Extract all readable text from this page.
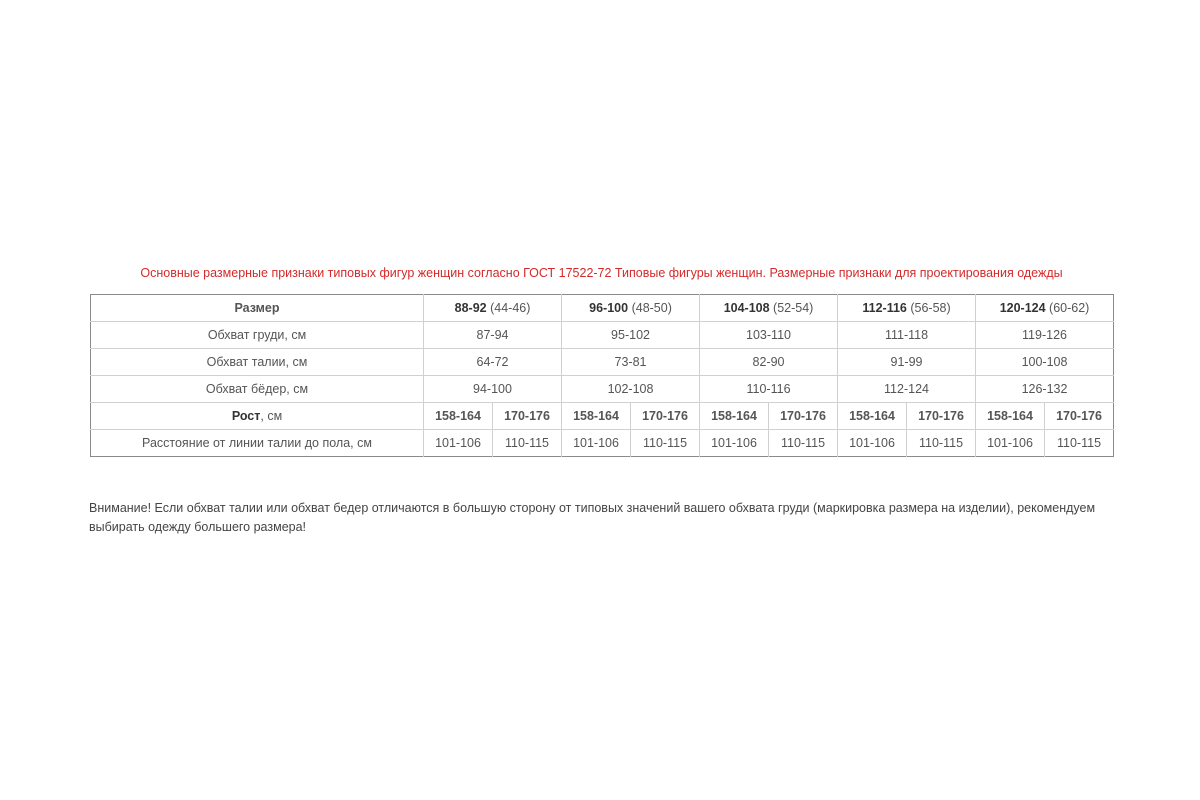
Основные размерные признаки типовых фигур женщин согласно ГОСТ 17522-72 Типовые фигуры женщин. Размерные признаки для проектирования одежды
Размер	88-92 (44-46)		96-100 (48-50)		104-108 (52-54)		112-116 (56-58)		120-124 (60-62)	
Обхват груди, см	87-94		95-102		103-110		111-118		119-126	
Обхват талии, см	64-72		73-81		82-90		91-99		100-108	
Обхват бёдер, см	94-100		102-108		110-116		112-124		126-132	
Рост, см	158-164	170-176	158-164	170-176	158-164	170-176	158-164	170-176	158-164	170-176
Расстояние от линии талии до пола, см	101-106	110-115	101-106	110-115	101-106	110-115	101-106	110-115	101-106	110-115
Внимание! Если обхват талии или обхват бедер отличаются в большую сторону от типовых значений вашего обхвата груди (маркировка размера на изделии), рекомендуем выбирать одежду большего размера!
